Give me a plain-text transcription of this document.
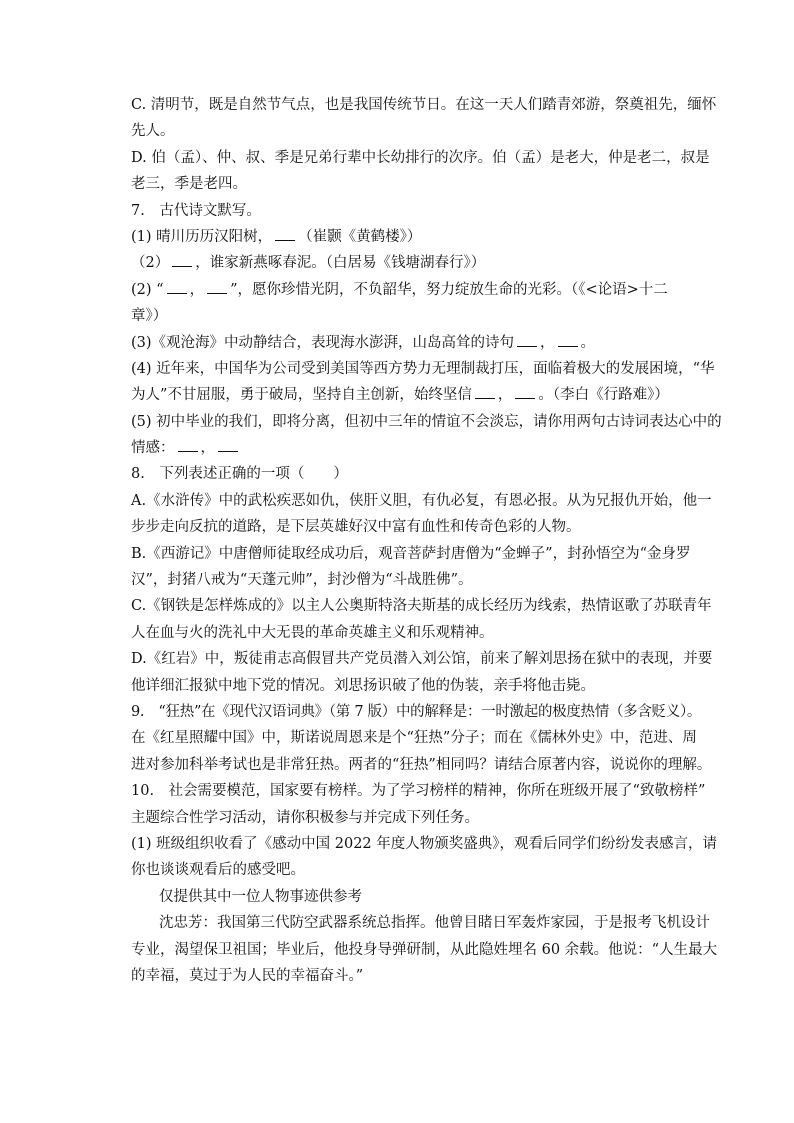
C. 清明节，既是自然节气点，也是我国传统节日。在这一天人们踏青郊游，祭奠祖先，缅怀
先人。
D. 伯（孟）、仲、叔、季是兄弟行辈中长幼排行的次序。伯（孟）是老大，仲是老二，叔是
老三，季是老四。
7.　古代诗文默写。
(1) 晴川历历汉阳树， （崔颢《黄鹤楼》）
（2） ，谁家新燕啄春泥。（白居易《钱塘湖春行》）
(2) “ ， ”，愿你珍惜光阴，不负韶华，努力绽放生命的光彩。（《<论语>十二
章》）
(3)《观沧海》中动静结合，表现海水澎湃，山岛高耸的诗句 ， 。
(4) 近年来，中国华为公司受到美国等西方势力无理制裁打压，面临着极大的发展困境，“华
为人”不甘屈服，勇于破局，坚持自主创新，始终坚信 ， 。（李白《行路难》）
(5) 初中毕业的我们，即将分离，但初中三年的情谊不会淡忘，请你用两句古诗词表达心中的
情感： ，
8.　下列表述正确的一项（　　）
A.《水浒传》中的武松疾恶如仇，侠肝义胆，有仇必复，有恩必报。从为兄报仇开始，他一
步步走向反抗的道路，是下层英雄好汉中富有血性和传奇色彩的人物。
B.《西游记》中唐僧师徒取经成功后，观音菩萨封唐僧为“金蝉子”，封孙悟空为“金身罗
汉”，封猪八戒为“天蓬元帅”，封沙僧为“斗战胜佛”。
C.《钢铁是怎样炼成的》以主人公奥斯特洛夫斯基的成长经历为线索，热情讴歌了苏联青年
人在血与火的洗礼中大无畏的革命英雄主义和乐观精神。
D.《红岩》中，叛徒甫志高假冒共产党员潜入刘公馆，前来了解刘思扬在狱中的表现，并要
他详细汇报狱中地下党的情况。刘思扬识破了他的伪装，亲手将他击毙。
9.　“狂热”在《现代汉语词典》（第 7 版）中的解释是：一时激起的极度热情（多含贬义）。
在《红星照耀中国》中，斯诺说周恩来是个“狂热”分子；而在《儒林外史》中，范进、周
进对参加科举考试也是非常狂热。两者的“狂热”相同吗？请结合原著内容，说说你的理解。
10.　社会需要模范，国家要有榜样。为了学习榜样的精神，你所在班级开展了“致敬榜样”
主题综合性学习活动，请你积极参与并完成下列任务。
(1) 班级组织收看了《感动中国 2022 年度人物颁奖盛典》，观看后同学们纷纷发表感言，请
你也谈谈观看后的感受吧。
仅提供其中一位人物事迹供参考
沈忠芳：我国第三代防空武器系统总指挥。他曾目睹日军轰炸家园，于是报考飞机设计
专业，渴望保卫祖国；毕业后，他投身导弹研制，从此隐姓埋名 60 余载。他说：“人生最大
的幸福，莫过于为人民的幸福奋斗。”
